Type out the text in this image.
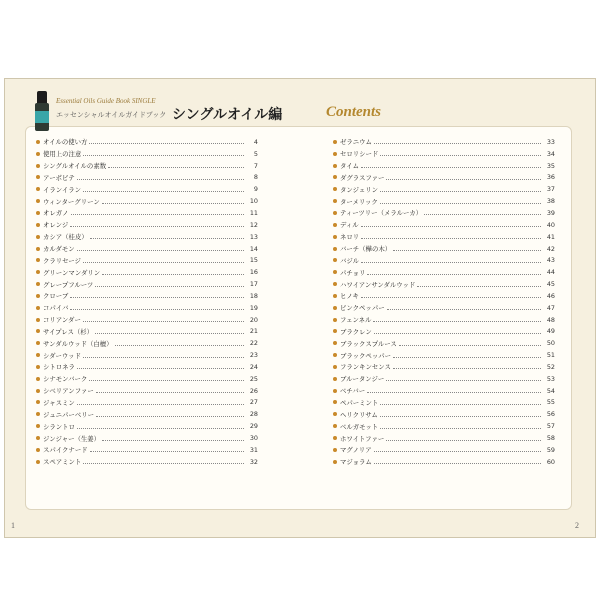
Essential Oils Guide Book SINGLE
エッセンシャルオイルガイドブック シングルオイル編	Contents
オイルの使い方	4
使用上の注意	5
シングルオイルの素数	7
アーボビテ	8
イランイラン	9
ウィンターグリーン	10
オレガノ	11
オレンジ	12
カシア（桂皮）	13
カルダモン	14
クラリセージ	15
グリーンマンダリン	16
グレープフルーツ	17
クローブ	18
コパイバ	19
コリアンダー	20
サイプレス（杉）	21
サンダルウッド（白檀）	22
シダーウッド	23
シトロネラ	24
シナモンバーク	25
シベリアンファー	26
ジャスミン	27
ジュニパーベリー	28
シラントロ	29
ジンジャー（生姜）	30
スパイクナード	31
スペアミント	32
ゼラニウム	33
セロリシード	34
タイム	35
ダグラスファー	36
タンジェリン	37
ターメリック	38
ティーツリー（メラルーカ）	39
ディル	40
ネロリ	41
バーチ（樺の木）	42
バジル	43
パチョリ	44
ハワイアンサンダルウッド	45
ヒノキ	46
ピンクペッパー	47
フェンネル	48
ブラクレン	49
ブラックスプルース	50
ブラックペッパー	51
フランキンセンス	52
ブルータンジー	53
ベチバー	54
ペパーミント	55
ヘリクリサム	56
ベルガモット	57
ホワイトファー	58
マグノリア	59
マジョラム	60
1	2
